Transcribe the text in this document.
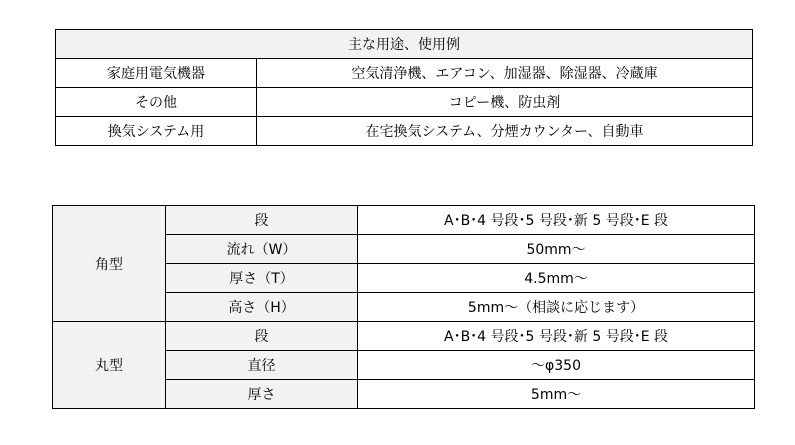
主な用途、使用例	
家庭用電気機器	空気清浄機、エアコン、加湿器、除湿器、冷蔵庫
その他	コピー機、防虫剤
換気システム用	在宅換気システム、分煙カウンター、自動車
角型	段	A･B･4 号段･5 号段･新 5 号段･E 段
	流れ（W）	50mm～
	厚さ（T）	4.5mm～
	高さ（H）	5mm～（相談に応じます）
丸型	段	A･B･4 号段･5 号段･新 5 号段･E 段
	直径	～φ350
	厚さ	5mm～
